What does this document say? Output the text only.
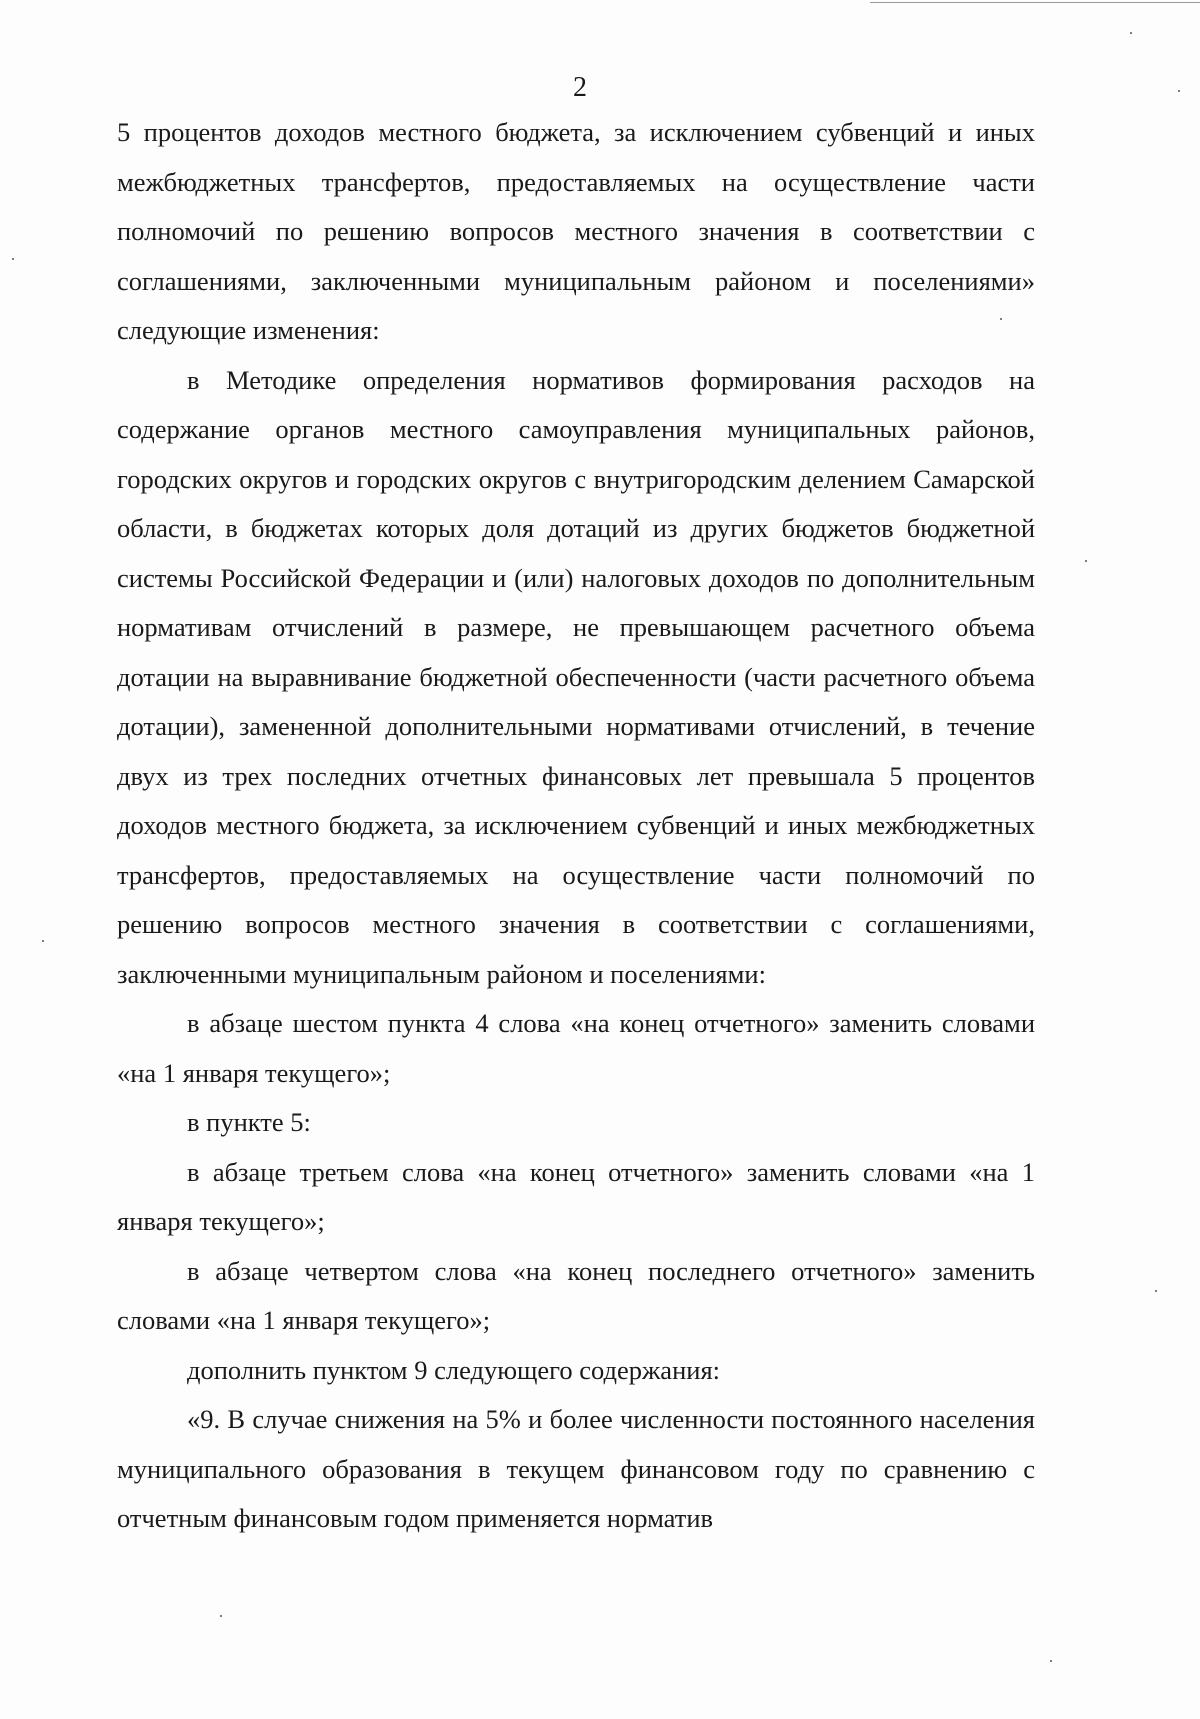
2

5 процентов доходов местного бюджета, за исключением субвенций и иных межбюджетных трансфертов, предоставляемых на осуществление части полномочий по решению вопросов местного значения в соответствии с соглашениями, заключенными муниципальным районом и поселениями» следующие изменения:

в Методике определения нормативов формирования расходов на содержание органов местного самоуправления муниципальных районов, городских округов и городских округов с внутригородским делением Самарской области, в бюджетах которых доля дотаций из других бюджетов бюджетной системы Российской Федерации и (или) налоговых доходов по дополнительным нормативам отчислений в размере, не превышающем расчетного объема дотации на выравнивание бюджетной обеспеченности (части расчетного объема дотации), замененной дополнительными нормативами отчислений, в течение двух из трех последних отчетных финансовых лет превышала 5 процентов доходов местного бюджета, за исключением субвенций и иных межбюджетных трансфертов, предоставляемых на осуществление части полномочий по решению вопросов местного значения в соответствии с соглашениями, заключенными муниципальным районом и поселениями:

в абзаце шестом пункта 4 слова «на конец отчетного» заменить словами «на 1 января текущего»;

в пункте 5:

в абзаце третьем слова «на конец отчетного» заменить словами «на 1 января текущего»;

в абзаце четвертом слова «на конец последнего отчетного» заменить словами «на 1 января текущего»;

дополнить пунктом 9 следующего содержания:

«9. В случае снижения на 5% и более численности постоянного населения муниципального образования в текущем финансовом году по сравнению с отчетным финансовым годом применяется норматив
